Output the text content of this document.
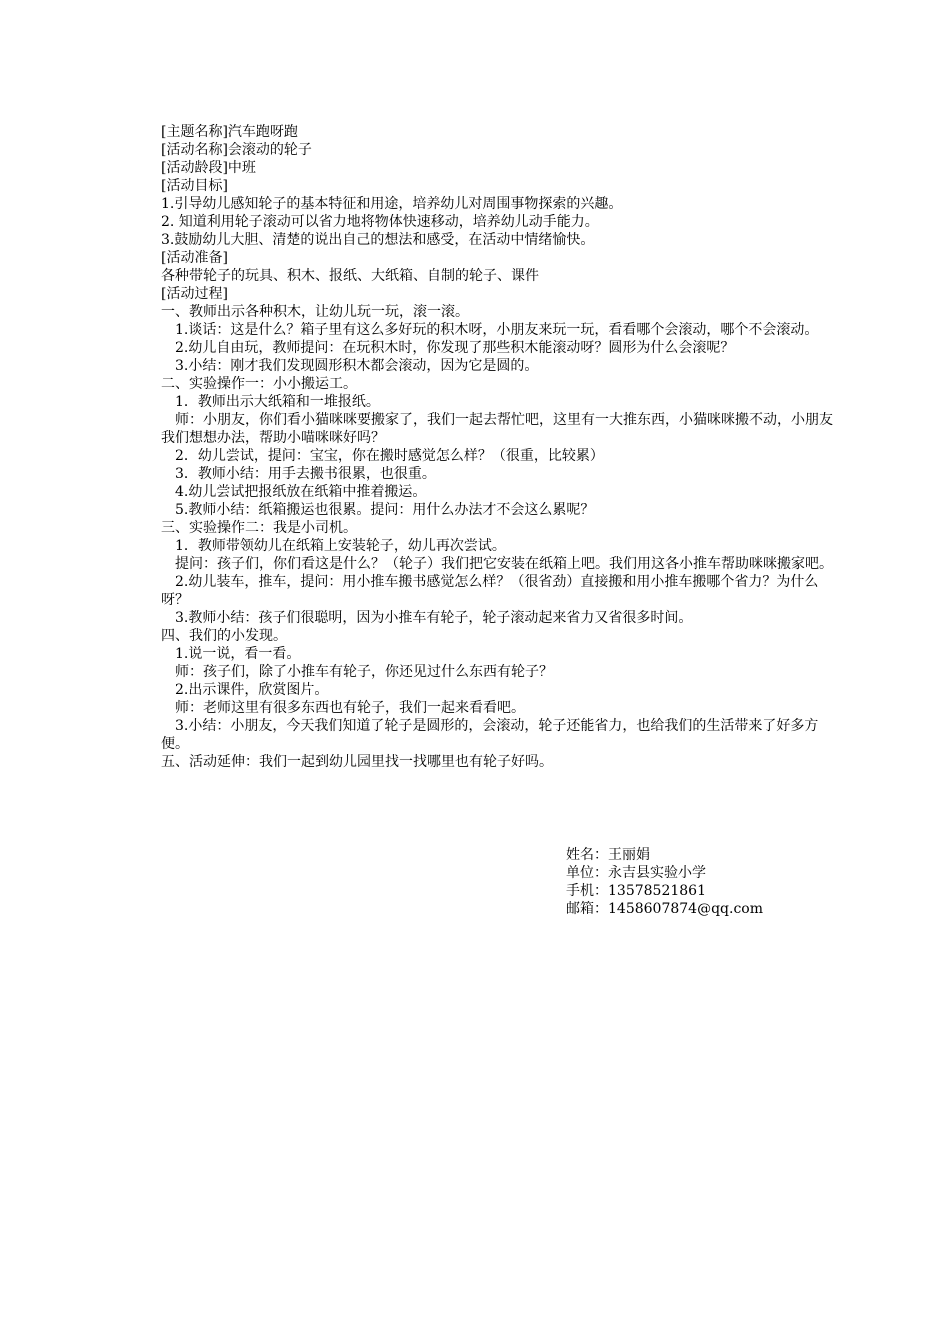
[主题名称]汽车跑呀跑

[活动名称]会滚动的轮子

[活动龄段]中班

[活动目标]

1.引导幼儿感知轮子的基本特征和用途，培养幼儿对周围事物探索的兴趣。

2. 知道利用轮子滚动可以省力地将物体快速移动，培养幼儿动手能力。

3.鼓励幼儿大胆、清楚的说出自己的想法和感受，在活动中情绪愉快。

[活动准备]

各种带轮子的玩具、积木、报纸、大纸箱、自制的轮子、课件

[活动过程]

一、教师出示各种积木，让幼儿玩一玩，滚一滚。

1.谈话：这是什么？箱子里有这么多好玩的积木呀，小朋友来玩一玩，看看哪个会滚动，哪个不会滚动。

2.幼儿自由玩，教师提问：在玩积木时，你发现了那些积木能滚动呀？圆形为什么会滚呢？

3.小结：刚才我们发现圆形积木都会滚动，因为它是圆的。

二、实验操作一：小小搬运工。

1．教师出示大纸箱和一堆报纸。

师：小朋友，你们看小猫咪咪要搬家了，我们一起去帮忙吧，这里有一大推东西，小猫咪咪搬不动，小朋友我们想想办法，帮助小喵咪咪好吗？

2．幼儿尝试，提问：宝宝，你在搬时感觉怎么样？（很重，比较累）

3．教师小结：用手去搬书很累，也很重。

4.幼儿尝试把报纸放在纸箱中推着搬运。

5.教师小结：纸箱搬运也很累。提问：用什么办法才不会这么累呢？

三、实验操作二：我是小司机。

1．教师带领幼儿在纸箱上安装轮子，幼儿再次尝试。

提问：孩子们，你们看这是什么？（轮子）我们把它安装在纸箱上吧。我们用这各小推车帮助咪咪搬家吧。

2.幼儿装车，推车，提问：用小推车搬书感觉怎么样？（很省劲）直接搬和用小推车搬哪个省力？为什么呀？

3.教师小结：孩子们很聪明，因为小推车有轮子，轮子滚动起来省力又省很多时间。

四、我们的小发现。

1.说一说，看一看。

师：孩子们，除了小推车有轮子，你还见过什么东西有轮子？

2.出示课件，欣赏图片。

师：老师这里有很多东西也有轮子，我们一起来看看吧。

3.小结：小朋友，今天我们知道了轮子是圆形的，会滚动，轮子还能省力，也给我们的生活带来了好多方便。

五、活动延伸：我们一起到幼儿园里找一找哪里也有轮子好吗。

姓名：王丽娟

单位：永吉县实验小学

手机：13578521861

邮箱：1458607874@qq.com
